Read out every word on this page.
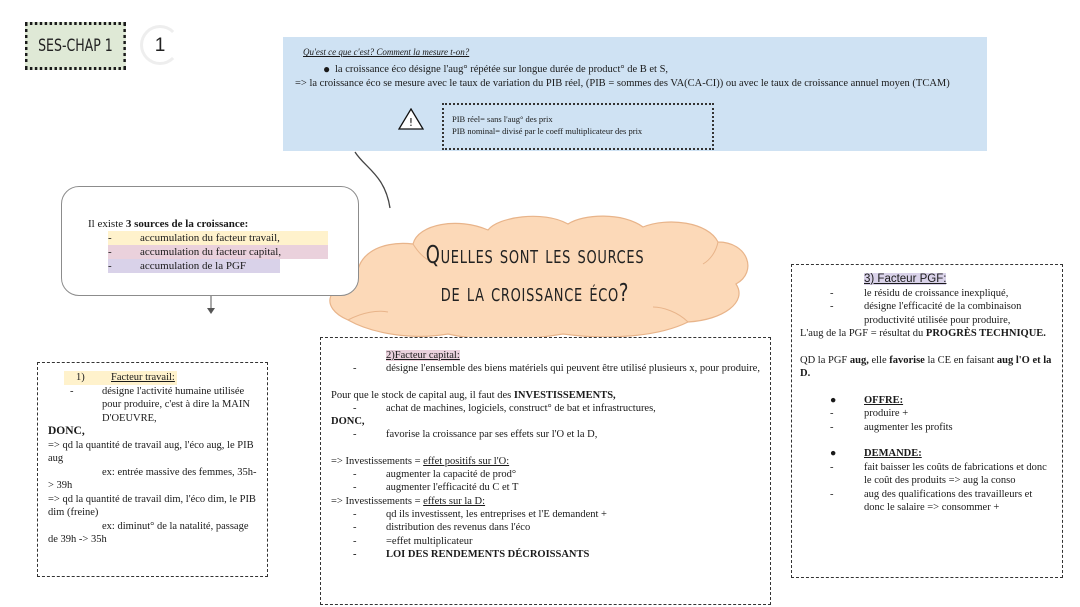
SES-CHAP 1	1	Qu'est ce que c'est? Comment la mesure t-on?
● la croissance éco désigne l'aug° répétée sur longue durée de product° de B et S,
=> la croissance éco se mesure avec le taux de variation du PIB réel, (PIB = sommes des VA(CA-CI)) ou avec le taux de croissance annuel moyen (TCAM)
!	PIB réel= sans l'aug° des prix
PIB nominal= divisé par le coeff multiplicateur des prix
Quelles sont les sources
de la croissance éco?
Il existe 3 sources de la croissance:
-	accumulation du facteur travail,
-	accumulation du facteur capital,
-	accumulation de la PGF
1)	Facteur travail:
-	désigne l'activité humaine utilisée pour produire, c'est à dire la MAIN D'OEUVRE,
DONC,
=> qd la quantité de travail aug, l'éco aug, le PIB aug
ex: entrée massive des femmes, 35h-> 39h
=> qd la quantité de travail dim, l'éco dim, le PIB dim (freine)
ex: diminut° de la natalité, passage de 39h -> 35h
2)Facteur capital:
-	désigne l'ensemble des biens matériels qui peuvent être utilisé plusieurs x, pour produire,
Pour que le stock de capital aug, il faut des INVESTISSEMENTS,
-	achat de machines, logiciels, construct° de bat et infrastructures,
DONC,
-	favorise la croissance par ses effets sur l'O et la D,
=> Investissements = effet positifs sur l'O:
-	augmenter la capacité de prod°
-	augmenter l'efficacité du C et T
=> Investissements = effets sur la D:
-	qd ils investissent, les entreprises et l'E demandent +
-	distribution des revenus dans l'éco
-	=effet multiplicateur
-	LOI DES RENDEMENTS DÉCROISSANTS
3) Facteur PGF:
-	le résidu de croissance inexpliqué,
-	désigne l'efficacité de la combinaison productivité utilisée pour produire,
L'aug de la PGF = résultat du PROGRÈS TECHNIQUE.
QD la PGF aug, elle favorise la CE en faisant aug l'O et la D.
●	OFFRE:
-	produire +
-	augmenter les profits
●	DEMANDE:
-	fait baisser les coûts de fabrications et donc le coût des produits => aug la conso
-	aug des qualifications des travailleurs et donc le salaire => consommer +
